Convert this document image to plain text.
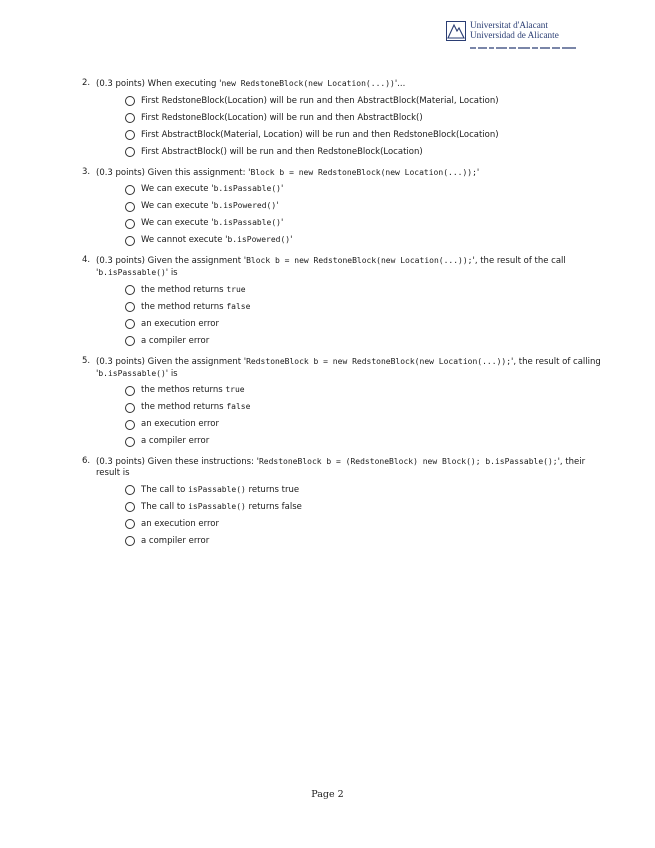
Universitat d'Alacant
Universidad de Alicante
2. (0.3 points) When executing 'new RedstoneBlock(new Location(...))'...
First RedstoneBlock(Location) will be run and then AbstractBlock(Material, Location)
First RedstoneBlock(Location) will be run and then AbstractBlock()
First AbstractBlock(Material, Location) will be run and then RedstoneBlock(Location)
First AbstractBlock() will be run and then RedstoneBlock(Location)
3. (0.3 points) Given this assignment: 'Block b = new RedstoneBlock(new Location(...));'
We can execute 'b.isPassable()'
We can execute 'b.isPowered()'
We can execute 'b.isPassable()'
We cannot execute 'b.isPowered()'
4. (0.3 points) Given the assignment 'Block b = new RedstoneBlock(new Location(...));', the result of the call 'b.isPassable()' is
the method returns true
the method returns false
an execution error
a compiler error
5. (0.3 points) Given the assignment 'RedstoneBlock b = new RedstoneBlock(new Location(...));', the result of calling 'b.isPassable()' is
the methos returns true
the method returns false
an execution error
a compiler error
6. (0.3 points) Given these instructions: 'RedstoneBlock b = (RedstoneBlock) new Block(); b.isPassable();', their result is
The call to isPassable() returns true
The call to isPassable() returns false
an execution error
a compiler error
Page 2
